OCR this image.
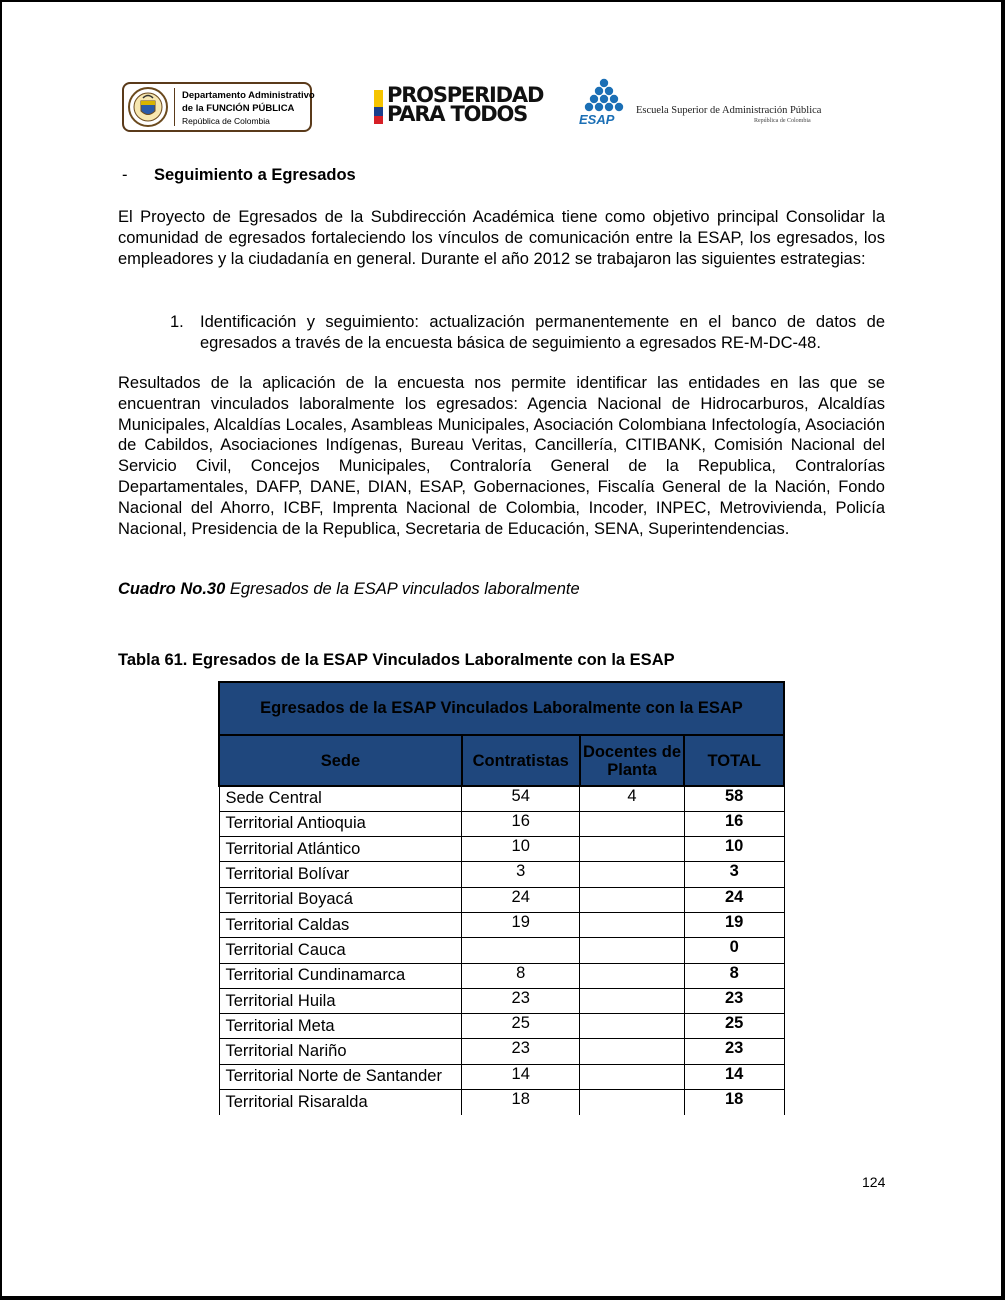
Departamento Administrativo
de la FUNCIÓN PÚBLICA
República de Colombia
PROSPERIDAD
PARA TODOS	ESAP
Escuela Superior de Administración Pública
República de Colombia
- Seguimiento a Egresados
El Proyecto de Egresados de la Subdirección Académica tiene como objetivo principal Consolidar la comunidad de egresados fortaleciendo los vínculos de comunicación entre la ESAP, los egresados, los empleadores y la ciudadanía en general. Durante el año 2012 se trabajaron las siguientes estrategias:
1. Identificación y seguimiento: actualización permanentemente en el banco de datos de egresados a través de la encuesta básica de seguimiento a egresados RE-M-DC-48.
Resultados de la aplicación de la encuesta nos permite identificar las entidades en las que se encuentran vinculados laboralmente los egresados: Agencia Nacional de Hidrocarburos, Alcaldías Municipales, Alcaldías Locales, Asambleas Municipales, Asociación Colombiana Infectología, Asociación de Cabildos, Asociaciones Indígenas, Bureau Veritas, Cancillería, CITIBANK, Comisión Nacional del Servicio Civil, Concejos Municipales, Contraloría General de la Republica, Contralorías Departamentales, DAFP, DANE, DIAN, ESAP, Gobernaciones, Fiscalía General de la Nación, Fondo Nacional del Ahorro, ICBF, Imprenta Nacional de Colombia, Incoder, INPEC, Metrovivienda, Policía Nacional, Presidencia de la Republica, Secretaria de Educación, SENA, Superintendencias.
Cuadro No.30 Egresados de la ESAP vinculados laboralmente
Tabla 61. Egresados de la ESAP Vinculados Laboralmente con la ESAP
Egresados de la ESAP Vinculados Laboralmente con la ESAP			
Sede	Contratistas	Docentes de Planta	TOTAL
Sede Central	54	4	58
Territorial Antioquia	16		16
Territorial Atlántico	10		10
Territorial Bolívar	3		3
Territorial Boyacá	24		24
Territorial Caldas	19		19
Territorial Cauca			0
Territorial Cundinamarca	8		8
Territorial Huila	23		23
Territorial Meta	25		25
Territorial Nariño	23		23
Territorial Norte de Santander	14		14
Territorial Risaralda	18		18
124
